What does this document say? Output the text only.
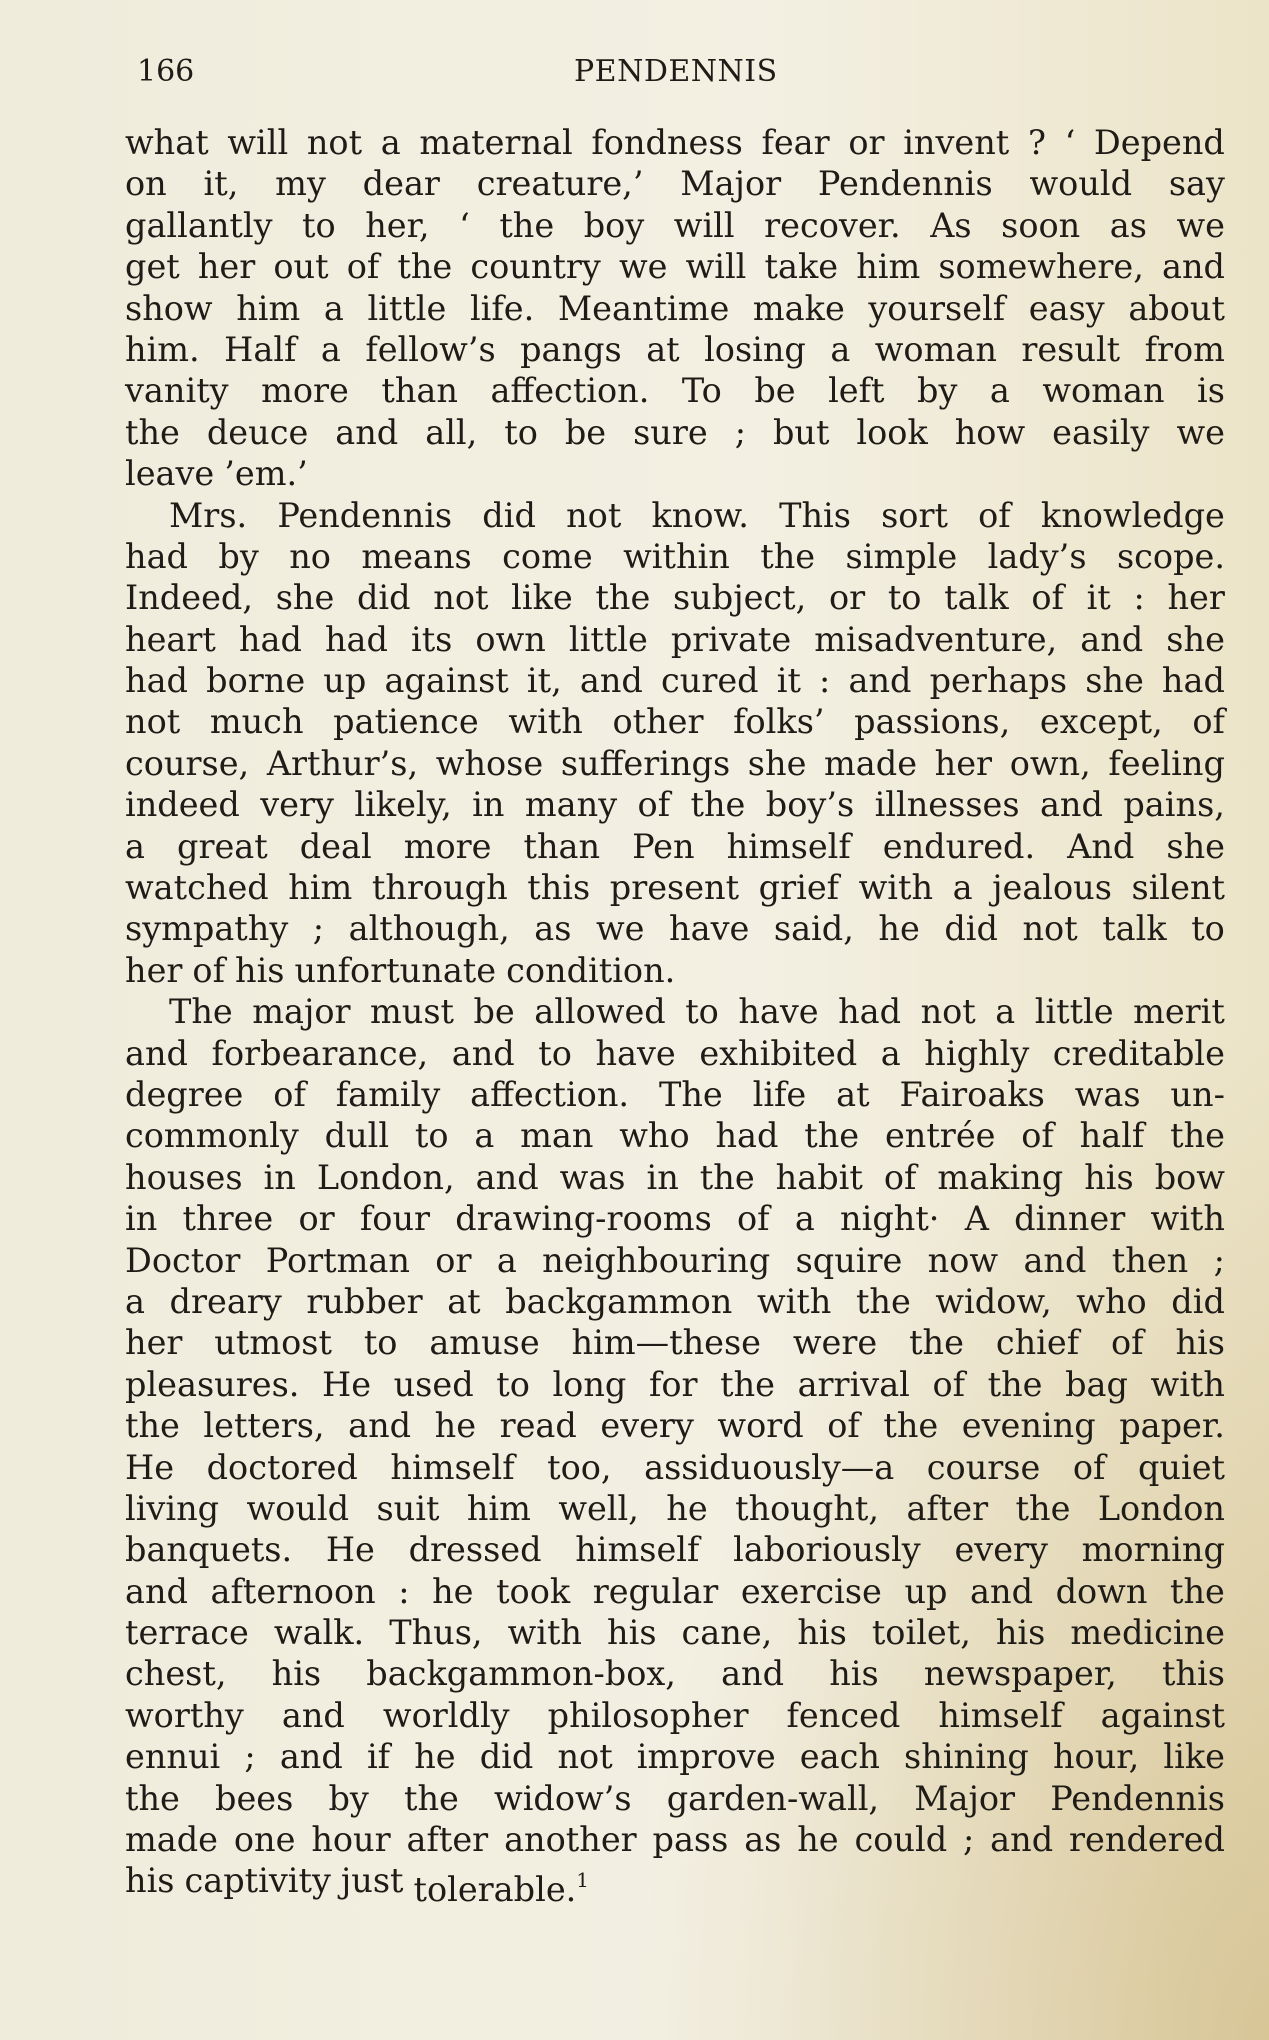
166	PENDENNIS
what will not a maternal fondness fear or invent ? ‘ Depend
on it, my dear creature,’ Major Pendennis would say
gallantly to her, ‘ the boy will recover. As soon as we
get her out of the country we will take him somewhere, and
show him a little life. Meantime make yourself easy about
him. Half a fellow’s pangs at losing a woman result from
vanity more than affection. To be left by a woman is
the deuce and all, to be sure ; but look how easily we
leave ’em.’
Mrs. Pendennis did not know. This sort of knowledge
had by no means come within the simple lady’s scope.
Indeed, she did not like the subject, or to talk of it : her
heart had had its own little private misadventure, and she
had borne up against it, and cured it : and perhaps she had
not much patience with other folks’ passions, except, of
course, Arthur’s, whose sufferings she made her own, feeling
indeed very likely, in many of the boy’s illnesses and pains,
a great deal more than Pen himself endured. And she
watched him through this present grief with a jealous silent
sympathy ; although, as we have said, he did not talk to
her of his unfortunate condition.
The major must be allowed to have had not a little merit
and forbearance, and to have exhibited a highly creditable
degree of family affection. The life at Fairoaks was un-
commonly dull to a man who had the entrée of half the
houses in London, and was in the habit of making his bow
in three or four drawing-rooms of a night· A dinner with
Doctor Portman or a neighbouring squire now and then ;
a dreary rubber at backgammon with the widow, who did
her utmost to amuse him—these were the chief of his
pleasures. He used to long for the arrival of the bag with
the letters, and he read every word of the evening paper.
He doctored himself too, assiduously—a course of quiet
living would suit him well, he thought, after the London
banquets. He dressed himself laboriously every morning
and afternoon : he took regular exercise up and down the
terrace walk. Thus, with his cane, his toilet, his medicine
chest, his backgammon-box, and his newspaper, this
worthy and worldly philosopher fenced himself against
ennui ; and if he did not improve each shining hour, like
the bees by the widow’s garden-wall, Major Pendennis
made one hour after another pass as he could ; and rendered
his captivity just tolerable.$^1$
